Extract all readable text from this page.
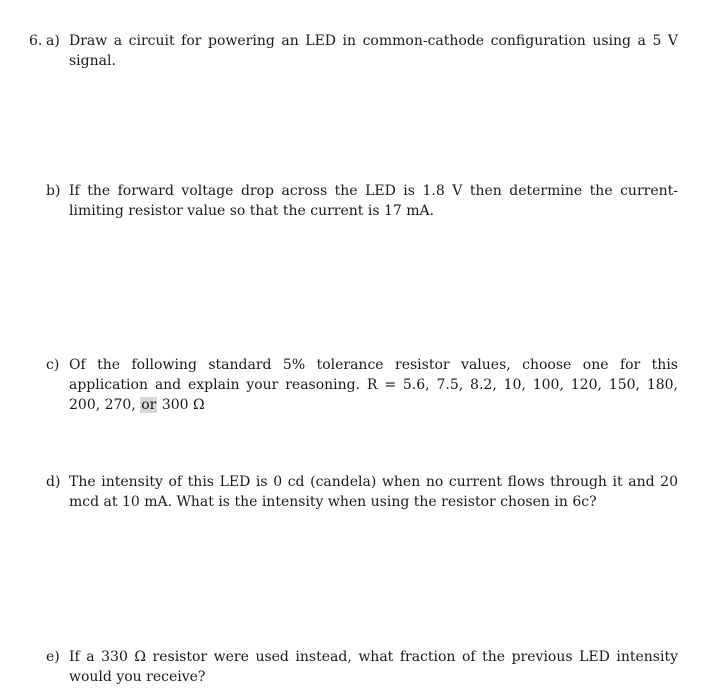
6. a) Draw a circuit for powering an LED in common-cathode configuration using a 5 V signal.
b) If the forward voltage drop across the LED is 1.8 V then determine the current-limiting resistor value so that the current is 17 mA.
c) Of the following standard 5% tolerance resistor values, choose one for this application and explain your reasoning. R = 5.6, 7.5, 8.2, 10, 100, 120, 150, 180, 200, 270, or 300 Ω
d) The intensity of this LED is 0 cd (candela) when no current flows through it and 20 mcd at 10 mA. What is the intensity when using the resistor chosen in 6c?
e) If a 330 Ω resistor were used instead, what fraction of the previous LED intensity would you receive?
